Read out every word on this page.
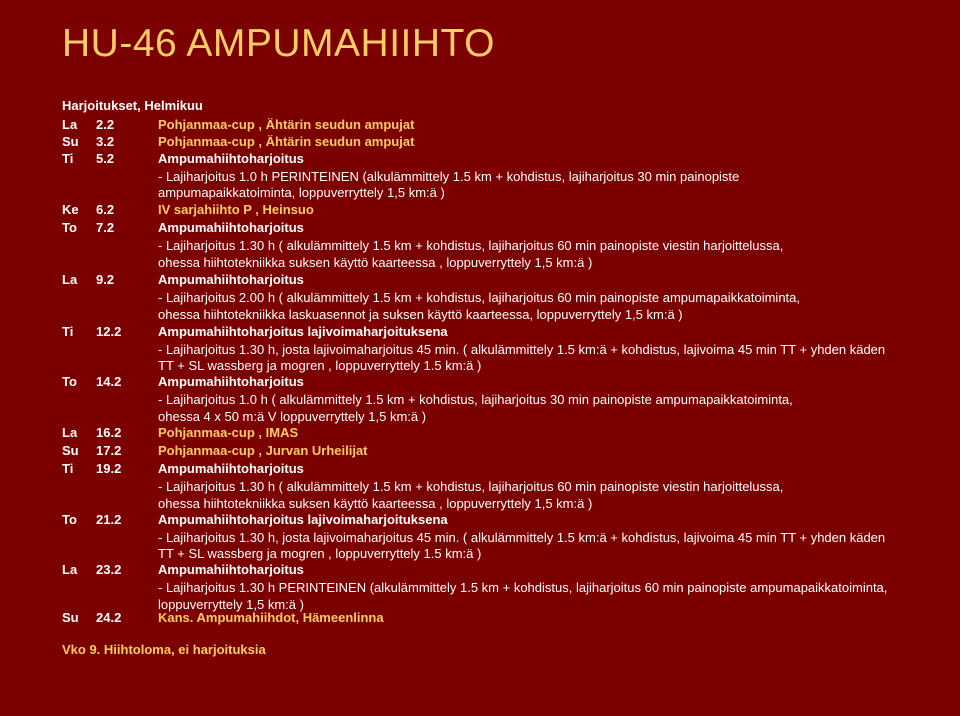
HU-46 AMPUMAHIIHTO
Harjoitukset, Helmikuu
La 2.2	Pohjanmaa-cup , Ähtärin seudun ampujat
Su 3.2	Pohjanmaa-cup , Ähtärin seudun ampujat
Ti 5.2	Ampumahiihtoharjoitus
- Lajiharjoitus 1.0 h PERINTEINEN (alkulämmittely 1.5 km + kohdistus, lajiharjoitus 30 min painopiste
ampumapaikkatoiminta, loppuverryttely 1,5 km:ä )
Ke 6.2	IV sarjahiihto P , Heinsuo
To 7.2	Ampumahiihtoharjoitus
- Lajiharjoitus 1.30 h ( alkulämmittely 1.5 km + kohdistus, lajiharjoitus 60 min painopiste viestin harjoittelussa,
ohessa hiihtotekniikka suksen käyttö kaarteessa , loppuverryttely 1,5 km:ä )
La 9.2	Ampumahiihtoharjoitus
- Lajiharjoitus 2.00 h ( alkulämmittely 1.5 km + kohdistus, lajiharjoitus 60 min painopiste ampumapaikkatoiminta,
ohessa hiihtotekniikka laskuasennot ja suksen käyttö kaarteessa, loppuverryttely 1,5 km:ä )
Ti 12.2	Ampumahiihtoharjoitus lajivoimaharjoituksena
- Lajiharjoitus 1.30 h, josta lajivoimaharjoitus 45 min. ( alkulämmittely 1.5 km:ä + kohdistus, lajivoima 45 min TT + yhden käden
TT + SL wassberg ja mogren , loppuverryttely 1.5 km:ä )
To 14.2	Ampumahiihtoharjoitus
- Lajiharjoitus 1.0 h ( alkulämmittely 1.5 km + kohdistus, lajiharjoitus 30 min painopiste ampumapaikkatoiminta,
ohessa 4 x 50 m:ä V loppuverryttely 1,5 km:ä )
La 16.2	Pohjanmaa-cup , IMAS
Su 17.2	Pohjanmaa-cup , Jurvan Urheilijat
Ti 19.2	Ampumahiihtoharjoitus
- Lajiharjoitus 1.30 h ( alkulämmittely 1.5 km + kohdistus, lajiharjoitus 60 min painopiste viestin harjoittelussa,
ohessa hiihtotekniikka suksen käyttö kaarteessa , loppuverryttely 1,5 km:ä )
To 21.2	Ampumahiihtoharjoitus lajivoimaharjoituksena
- Lajiharjoitus 1.30 h, josta lajivoimaharjoitus 45 min. ( alkulämmittely 1.5 km:ä + kohdistus, lajivoima 45 min TT + yhden käden
TT + SL wassberg ja mogren , loppuverryttely 1.5 km:ä )
La 23.2	Ampumahiihtoharjoitus
- Lajiharjoitus 1.30 h PERINTEINEN (alkulämmittely 1.5 km + kohdistus, lajiharjoitus 60 min painopiste ampumapaikkatoiminta,
loppuverryttely 1,5 km:ä )
Su 24.2	Kans. Ampumahiihdot, Hämeenlinna
Vko 9. Hiihtoloma, ei harjoituksia
